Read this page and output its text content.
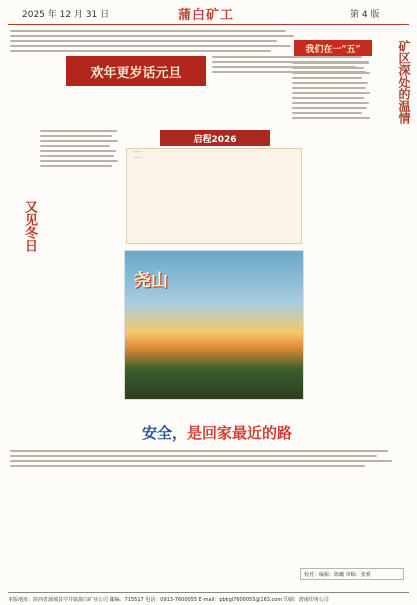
2025 年 12 月 31 日	蒲白矿工	第 4 版
欢年更岁话元旦
我们在一“五”	矿区深处的温情
又见冬日
启程2026
……
……
尧山
安全， 是回家最近的路
校对：编辑：陈曦 审稿：张睿
本版地址：陕西省蒲城县罕井镇蒲白矿业公司 邮编：715517 电话：0913-7600055 E-mail：pbkgl7600055@163.com 印刷：渭南印务公司
